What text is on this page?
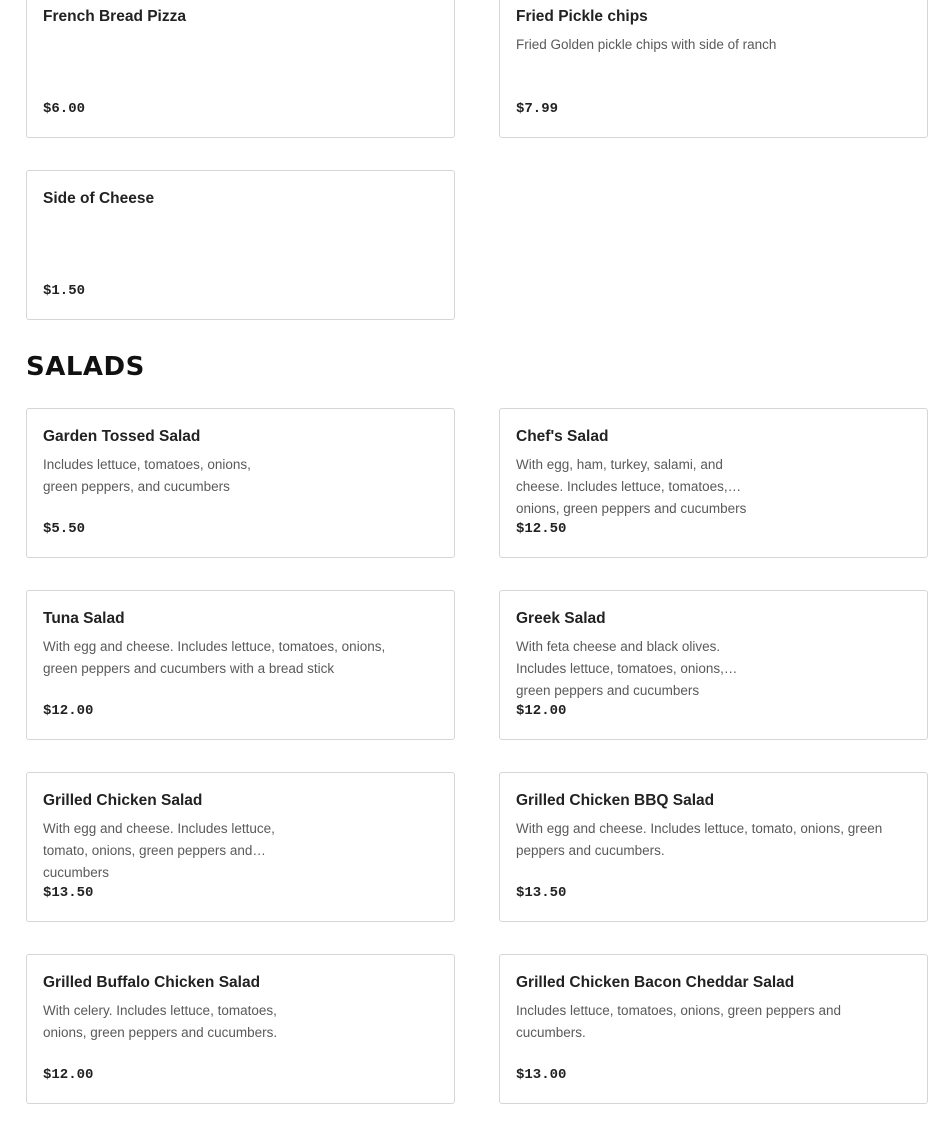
French Bread Pizza
$6.00
Fried Pickle chips
Fried Golden pickle chips with side of ranch
$7.99
Side of Cheese
$1.50
SALADS
Garden Tossed Salad
Includes lettuce, tomatoes, onions, green peppers, and cucumbers
$5.50
Chef's Salad
With egg, ham, turkey, salami, and cheese. Includes lettuce, tomatoes, onions, green peppers and cucumbers
$12.50
Tuna Salad
With egg and cheese. Includes lettuce, tomatoes, onions, green peppers and cucumbers with a bread stick
$12.00
Greek Salad
With feta cheese and black olives. Includes lettuce, tomatoes, onions, green peppers and cucumbers
$12.00
Grilled Chicken Salad
With egg and cheese. Includes lettuce, tomato, onions, green peppers and cucumbers
$13.50
Grilled Chicken BBQ Salad
With egg and cheese. Includes lettuce, tomato, onions, green peppers and cucumbers.
$13.50
Grilled Buffalo Chicken Salad
With celery. Includes lettuce, tomatoes, onions, green peppers and cucumbers.
$12.00
Grilled Chicken Bacon Cheddar Salad
Includes lettuce, tomatoes, onions, green peppers and cucumbers.
$13.00
